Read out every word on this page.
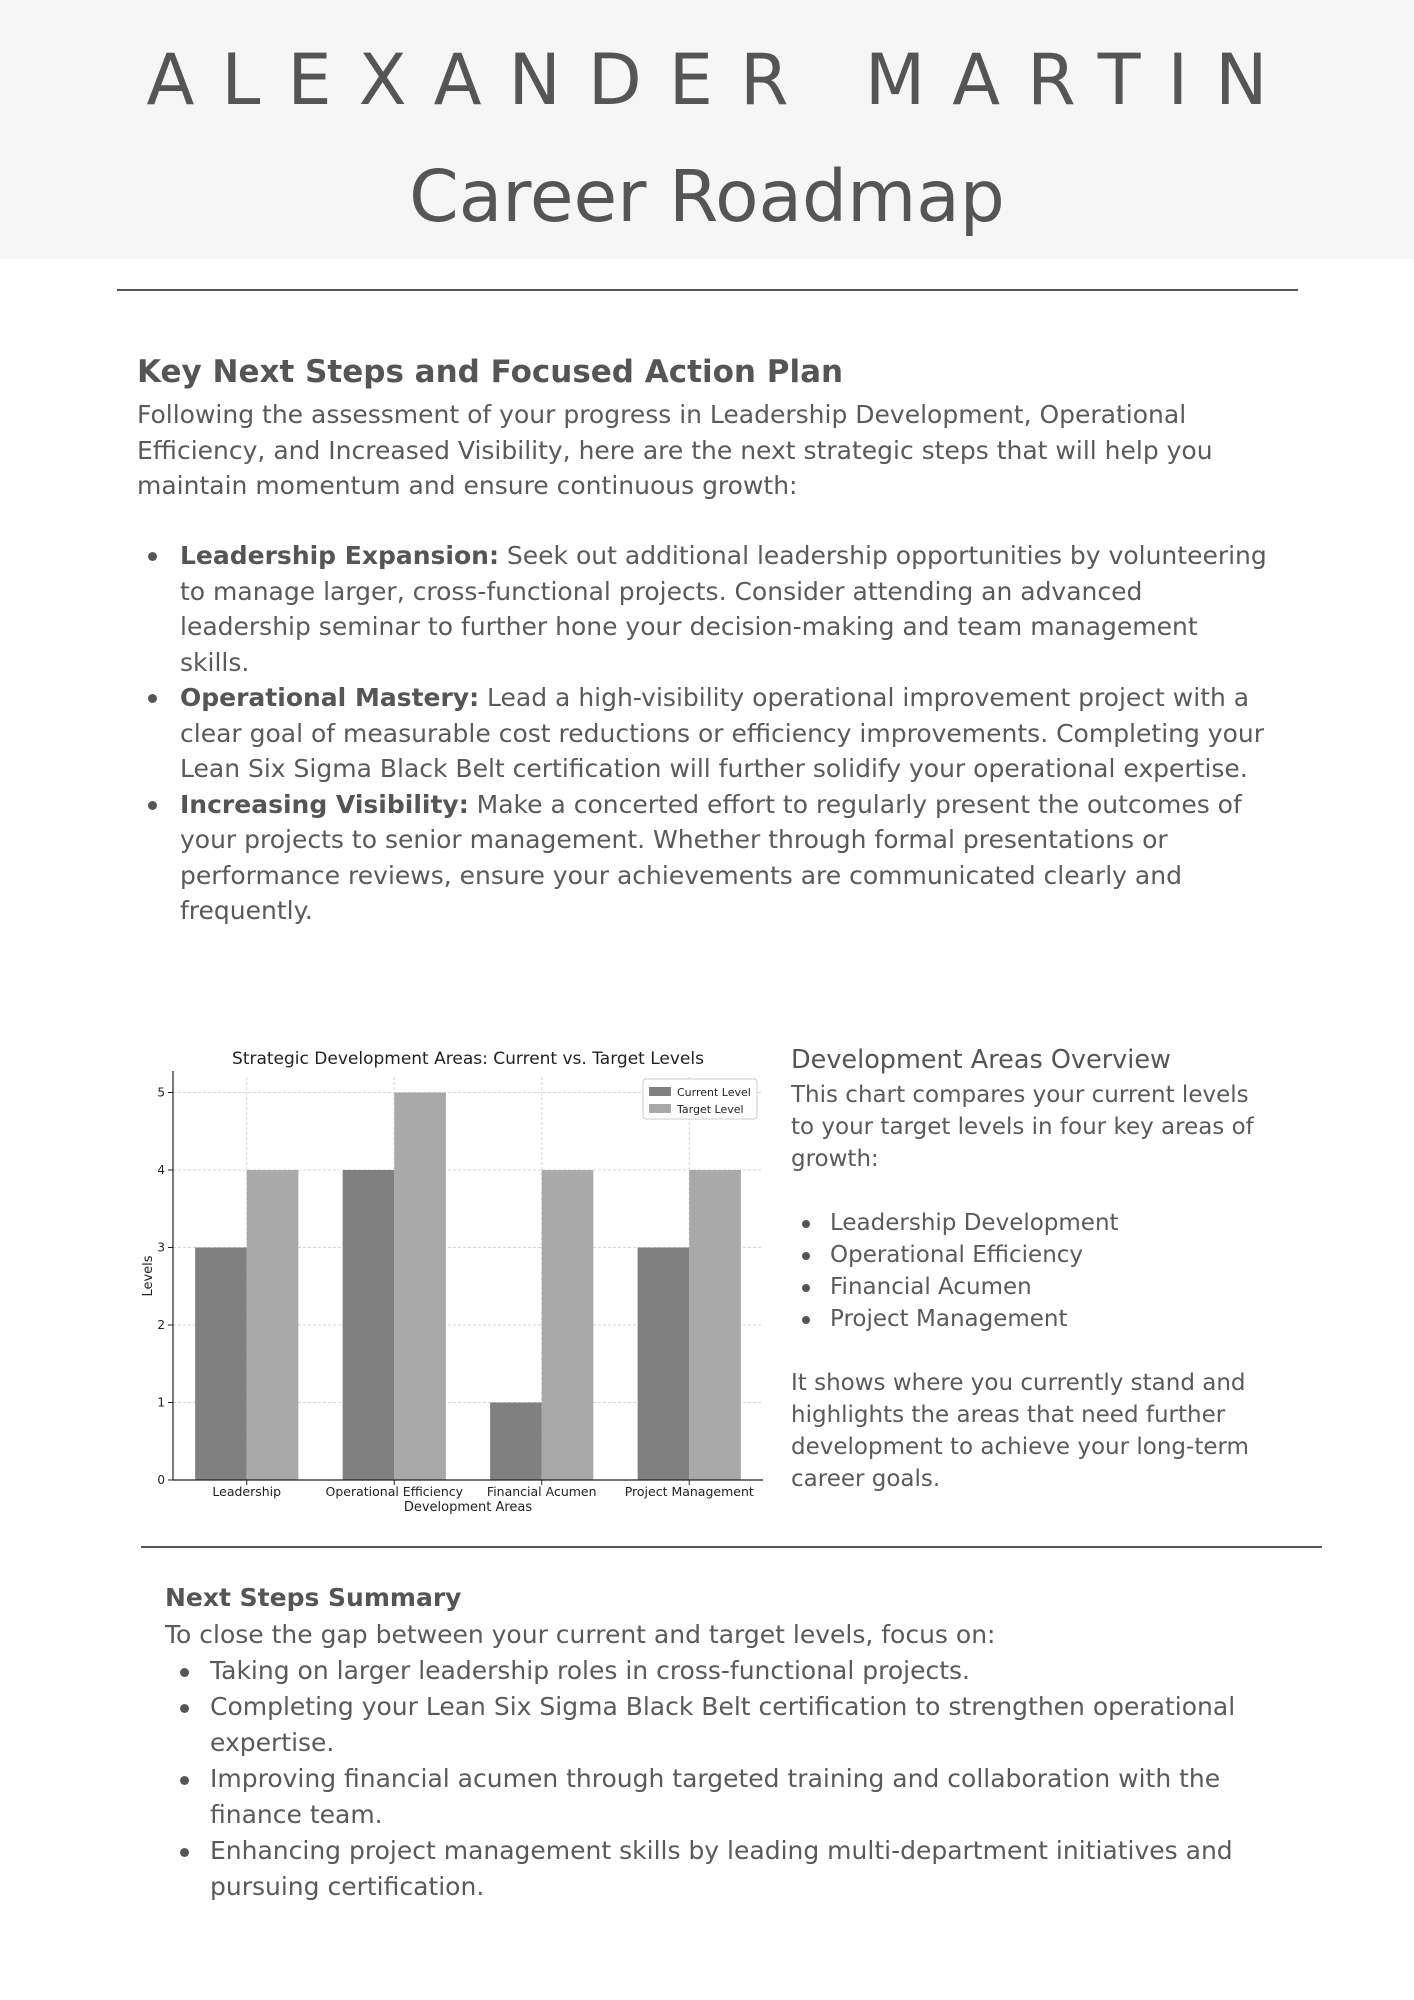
ALEXANDER MARTIN
Career Roadmap
Key Next Steps and Focused Action Plan

Following the assessment of your progress in Leadership Development, Operational Efficiency, and Increased Visibility, here are the next strategic steps that will help you maintain momentum and ensure continuous growth:

Leadership Expansion: Seek out additional leadership opportunities by volunteering to manage larger, cross-functional projects. Consider attending an advanced leadership seminar to further hone your decision-making and team management skills.
Operational Mastery: Lead a high-visibility operational improvement project with a clear goal of measurable cost reductions or efficiency improvements. Completing your Lean Six Sigma Black Belt certification will further solidify your operational expertise.
Increasing Visibility: Make a concerted effort to regularly present the outcomes of your projects to senior management. Whether through formal presentations or performance reviews, ensure your achievements are communicated clearly and frequently.
Strategic Development Areas: Current vs. Target Levels
0
1
2
3
4
5
Leadership	Operational Efficiency Financial Acumen Project Management
Development Areas
Levels
Current Level
Target Level
Development Areas Overview

This chart compares your current levels to your target levels in four key areas of growth:

Leadership Development
Operational Efficiency
Financial Acumen
Project Management

It shows where you currently stand and highlights the areas that need further development to achieve your long-term career goals.

Next Steps Summary

To close the gap between your current and target levels, focus on:

Taking on larger leadership roles in cross-functional projects.
Completing your Lean Six Sigma Black Belt certification to strengthen operational expertise.
Improving financial acumen through targeted training and collaboration with the finance team.
Enhancing project management skills by leading multi-department initiatives and pursuing certification.
